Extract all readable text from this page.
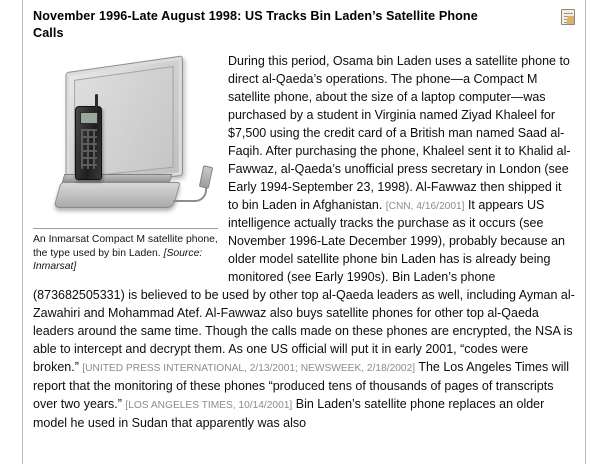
November 1996-Late August 1998: US Tracks Bin Laden’s Satellite Phone Calls
An Inmarsat Compact M satellite phone, the type used by bin Laden. [Source: Inmarsat]

During this period, Osama bin Laden uses a satellite phone to direct al-Qaeda’s operations. The phone—a Compact M satellite phone, about the size of a laptop computer—was purchased by a student in Virginia named Ziyad Khaleel for $7,500 using the credit card of a British man named Saad al-Faqih. After purchasing the phone, Khaleel sent it to Khalid al-Fawwaz, al-Qaeda’s unofficial press secretary in London (see Early 1994-September 23, 1998). Al-Fawwaz then shipped it to bin Laden in Afghanistan. [CNN, 4/16/2001] It appears US intelligence actually tracks the purchase as it occurs (see November 1996-Late December 1999), probably because an older model satellite phone bin Laden has is already being monitored (see Early 1990s). Bin Laden’s phone (873682505331) is believed to be used by other top al-Qaeda leaders as well, including Ayman al-Zawahiri and Mohammad Atef. Al-Fawwaz also buys satellite phones for other top al-Qaeda leaders around the same time. Though the calls made on these phones are encrypted, the NSA is able to intercept and decrypt them. As one US official will put it in early 2001, “codes were broken.” [UNITED PRESS INTERNATIONAL, 2/13/2001; NEWSWEEK, 2/18/2002] The Los Angeles Times will report that the monitoring of these phones “produced tens of thousands of pages of transcripts over two years.” [LOS ANGELES TIMES, 10/14/2001] Bin Laden’s satellite phone replaces an older model he used in Sudan that apparently was also
